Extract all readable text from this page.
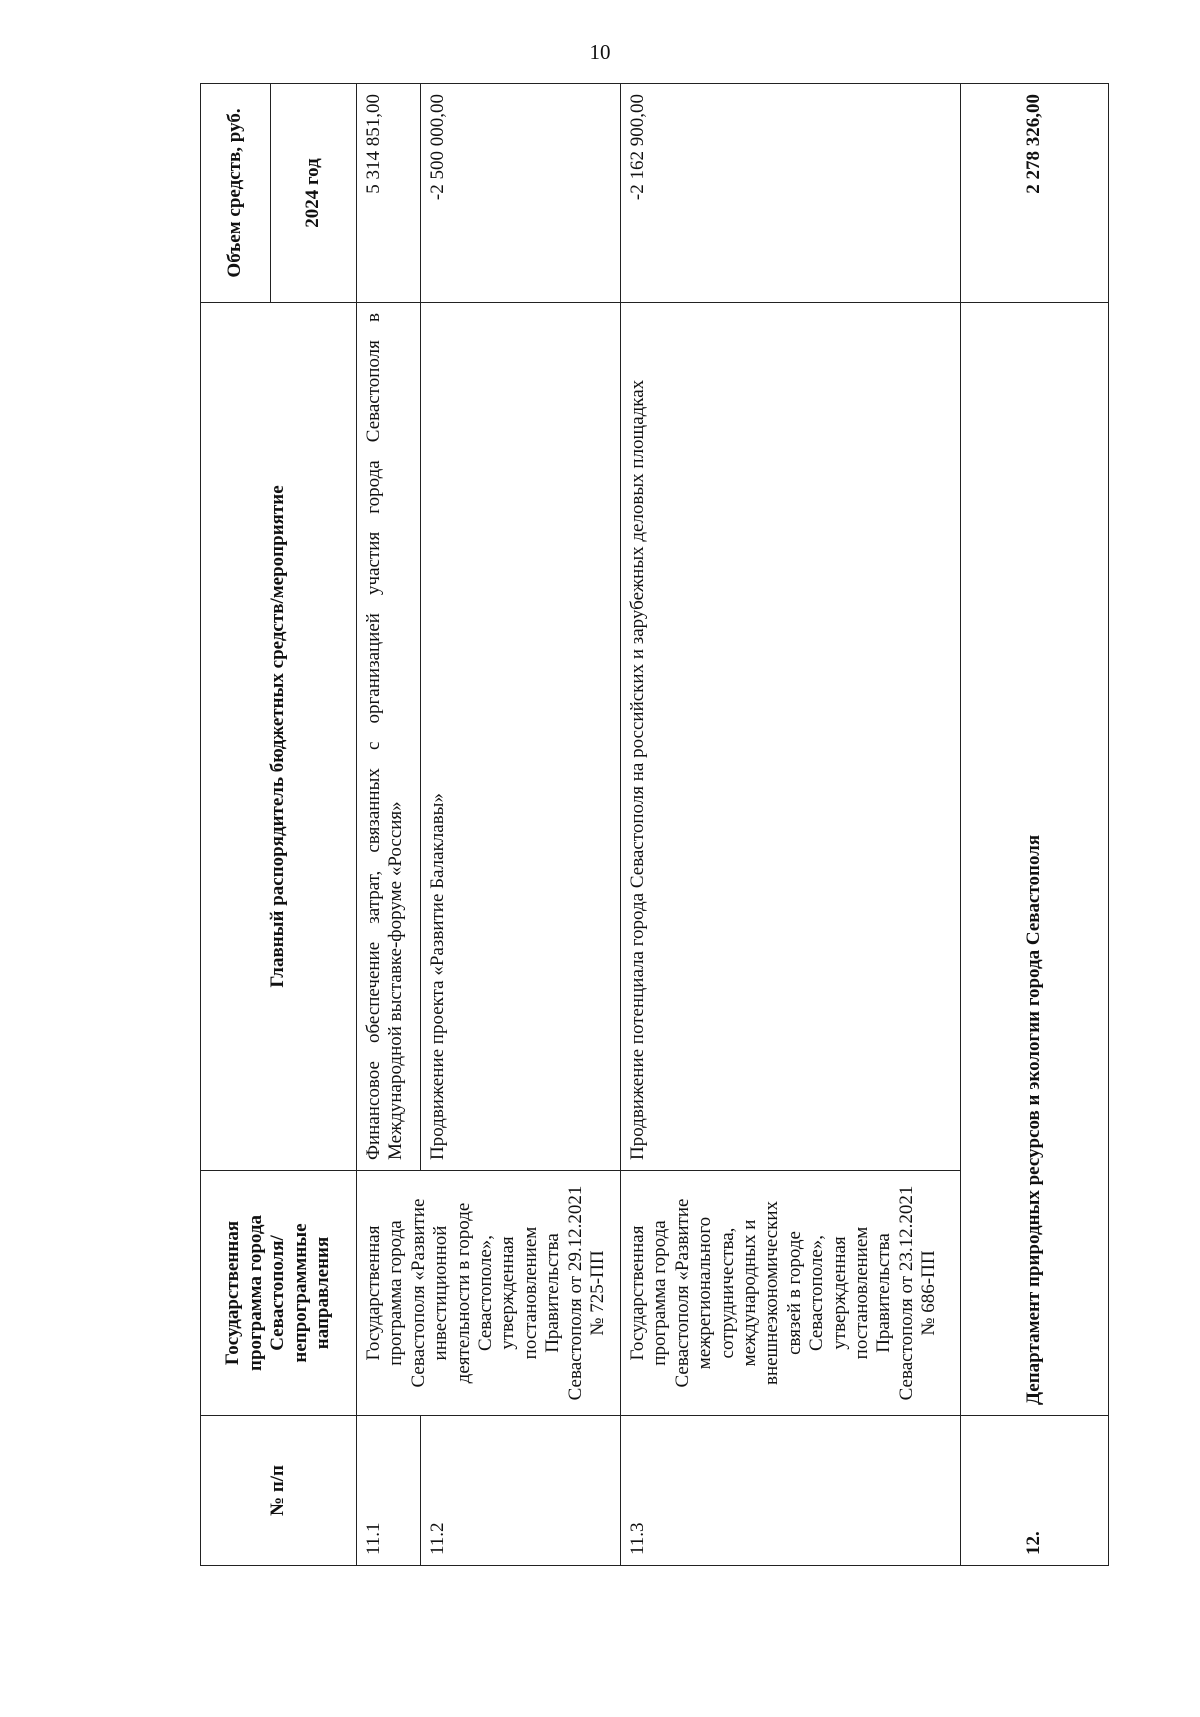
10
№ п/п	Государственная программа города Севастополя/ непрограммные направления	Главный распорядитель бюджетных средств/мероприятие	Объем средств, руб.
			2024 год
11.1	Государственная программа города Севастополя «Развитие инвестиционной деятельности в городе Севастополе», утвержденная постановлением Правительства Севастополя от 29.12.2021 № 725-ПП	Финансовое обеспечение затрат, связанных с организацией участия города Севастополя в Международной выставке-форуме «Россия»	5 314 851,00
11.2		Продвижение проекта «Развитие Балаклавы»	-2 500 000,00
11.3	Государственная программа города Севастополя «Развитие межрегионального сотрудничества, международных и внешнеэкономических связей в городе Севастополе», утвержденная постановлением Правительства Севастополя от 23.12.2021 № 686-ПП	Продвижение потенциала города Севастополя на российских и зарубежных деловых площадках	-2 162 900,00
12.	Департамент природных ресурсов и экологии города Севастополя		2 278 326,00
